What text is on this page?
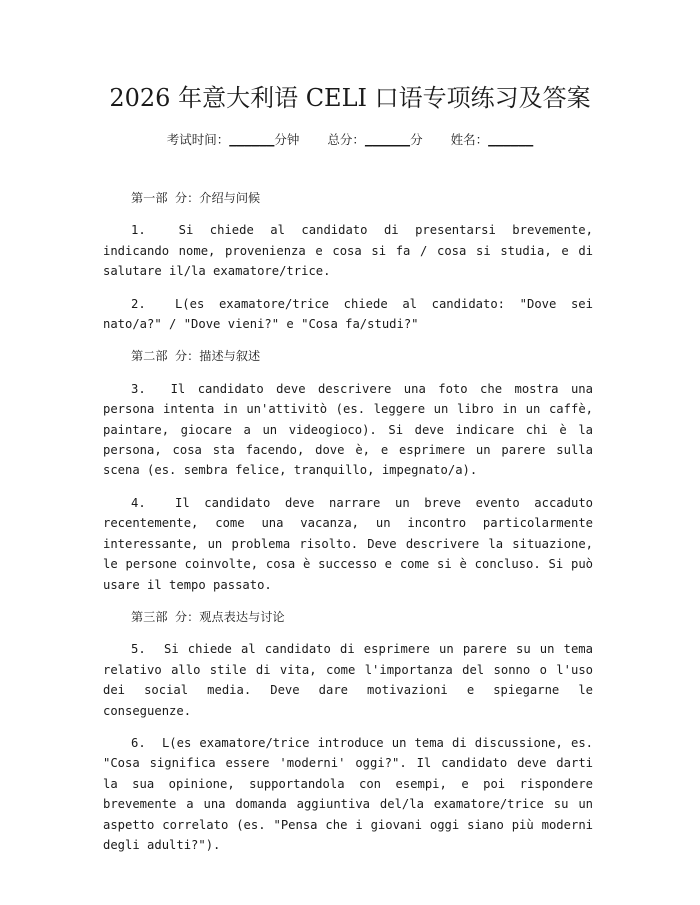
2026 年意大利语 CELI 口语专项练习及答案
考试时间：______分钟 总分：______分 姓名：______
第一部 分：介绍与问候

1.	Si chiede al candidato di presentarsi brevemente, indicando nome, provenienza e cosa si fa / cosa si studia, e di salutare il/la examatore/trice.

2. L(es examatore/trice chiede al candidato: "Dove sei nato/a?" / "Dove vieni?" e "Cosa fa/studi?"

第二部 分：描述与叙述

3. Il candidato deve descrivere una foto che mostra una persona intenta in un'attivitò (es. leggere un libro in un caffè, paintare, giocare a un videogioco). Si deve indicare chi è la persona, cosa sta facendo, dove è, e esprimere un parere sulla scena (es. sembra felice, tranquillo, impegnato/a).

4. Il candidato deve narrare un breve evento accaduto recentemente, come una vacanza, un incontro particolarmente interessante, un problema risolto. Deve descrivere la situazione, le persone coinvolte, cosa è successo e come si è concluso. Si può usare il tempo passato.

第三部 分：观点表达与讨论

5. Si chiede al candidato di esprimere un parere su un tema relativo allo stile di vita, come l'importanza del sonno o l'uso dei social media. Deve dare motivazioni e spiegarne le conseguenze.

6. L(es examatore/trice introduce un tema di discussione, es. "Cosa significa essere 'moderni' oggi?". Il candidato deve darti la sua opinione, supportandola con esempi, e poi rispondere brevemente a una domanda aggiuntiva del/la examatore/trice su un aspetto correlato (es. "Pensa che i giovani oggi siano più moderni degli adulti?").
